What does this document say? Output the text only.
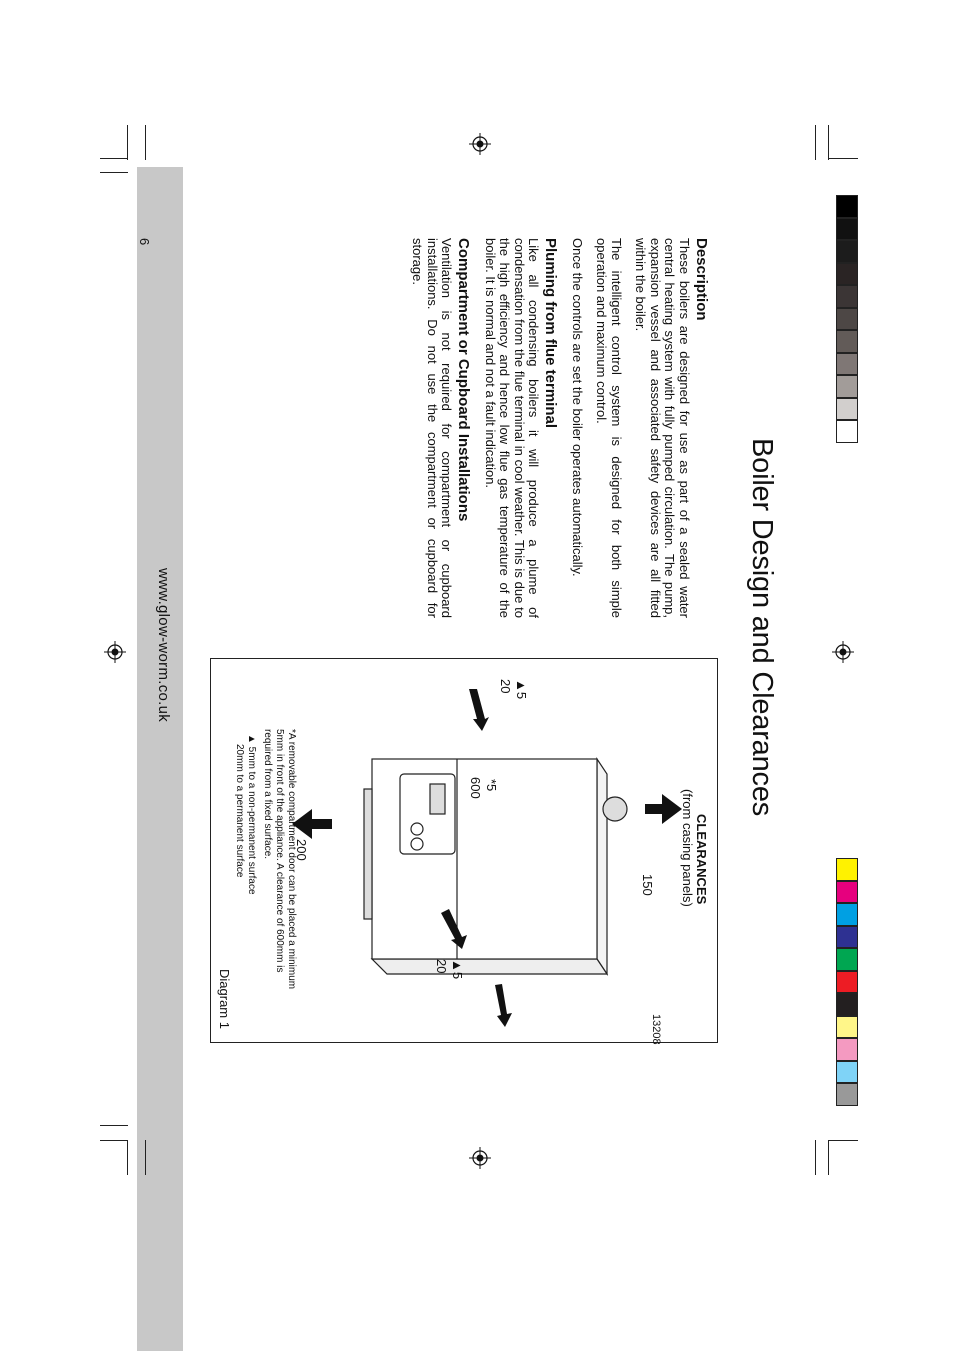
6
www.glow-worm.co.uk	Boiler Design and Clearances
Description

These boilers are designed for use as part of a sealed water central heating system with fully pumped circulation. The pump, expansion vessel and associated safety devices are all fitted within the boiler.

The intelligent control system is designed for both simple operation and maximum control.

Once the controls are set the boiler operates automatically.

Pluming from flue terminal

Like all condensing boilers it will produce a plume of condensation from the flue terminal in cool weather. This is due to the high efficiency and hence low flue gas temperature of the boiler. It is normal and not a fault indication.

Compartment or Cupboard Installations

Ventilation is not required for compartment or cupboard installations. Do not use the compartment or cupboard for storage.

CLEARANCES
(from casing panels)
150
▲5
20
▲5
20
*5
600
200
13208
Diagram 1
*A removable compartment door can be placed a minimum 5mm in front of the appliance. A clearance of 600mm is required from a fixed surface.
▲ 5mm to a non-permanent surface
20mm to a permanent surface
